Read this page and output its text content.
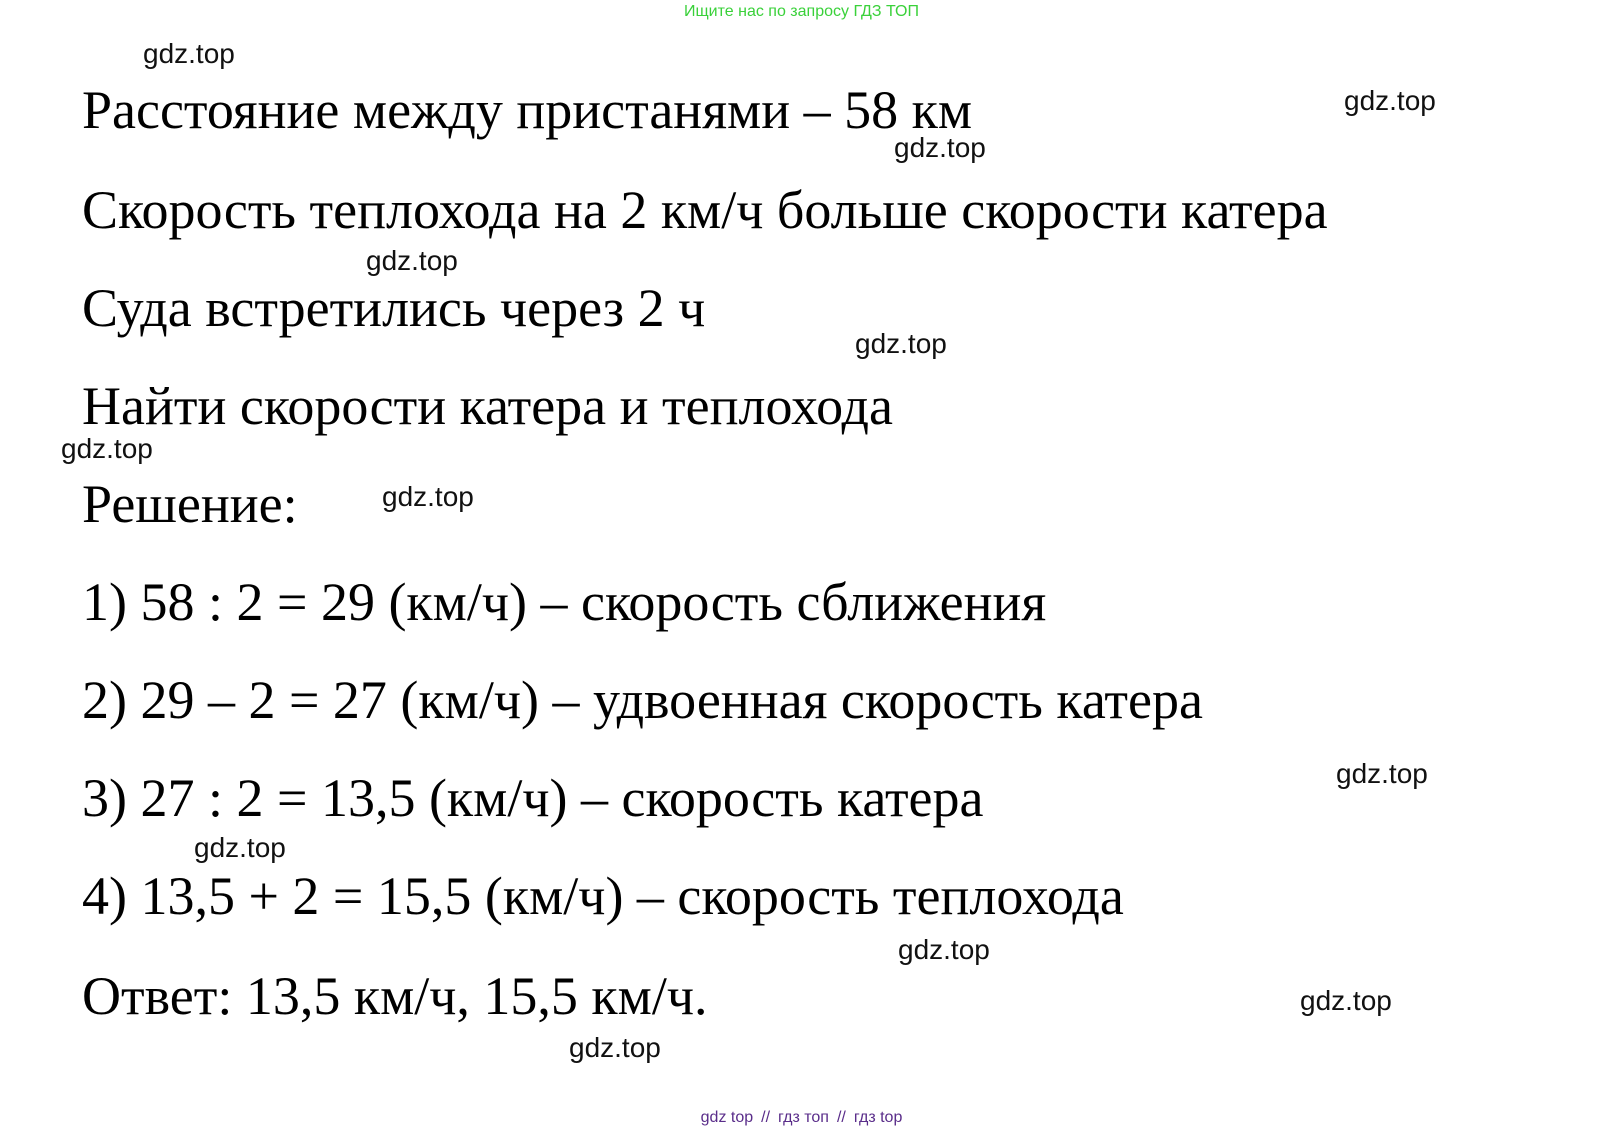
Ищите нас по запросу ГДЗ ТОП
Расстояние между пристанями – 58 км
Скорость теплохода на 2 км/ч больше скорости катера
Суда встретились через 2 ч
Найти скорости катера и теплохода
Решение:
1) 58 : 2 = 29 (км/ч) – скорость сближения
2) 29 – 2 = 27 (км/ч) – удвоенная скорость катера
3) 27 : 2 = 13,5 (км/ч) – скорость катера
4) 13,5 + 2 = 15,5 (км/ч) – скорость теплохода
Ответ: 13,5 км/ч, 15,5 км/ч.
gdz.top
gdz.top
gdz.top
gdz.top
gdz.top
gdz.top
gdz.top
gdz.top
gdz.top
gdz.top
gdz.top
gdz.top
gdz top // гдз топ // гдз top
